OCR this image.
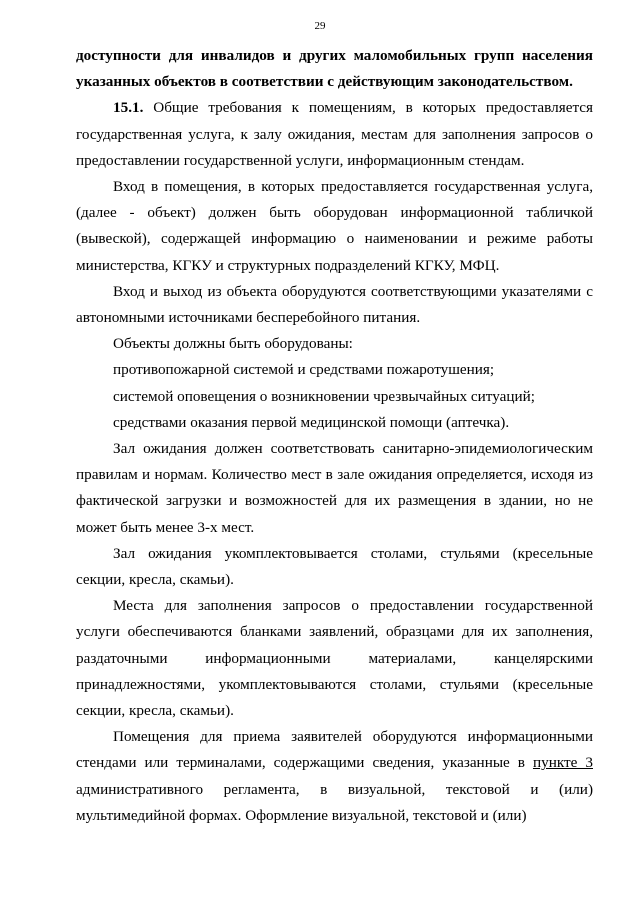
29

доступности для инвалидов и других маломобильных групп населения указанных объектов в соответствии с действующим законодательством.

15.1. Общие требования к помещениям, в которых предоставляется государственная услуга, к залу ожидания, местам для заполнения запросов о предоставлении государственной услуги, информационным стендам.

Вход в помещения, в которых предоставляется государственная услуга, (далее - объект) должен быть оборудован информационной табличкой (вывеской), содержащей информацию о наименовании и режиме работы министерства, КГКУ и структурных подразделений КГКУ, МФЦ.

Вход и выход из объекта оборудуются соответствующими указателями с автономными источниками бесперебойного питания.

Объекты должны быть оборудованы:

противопожарной системой и средствами пожаротушения;

системой оповещения о возникновении чрезвычайных ситуаций;

средствами оказания первой медицинской помощи (аптечка).

Зал ожидания должен соответствовать санитарно-эпидемиологическим правилам и нормам. Количество мест в зале ожидания определяется, исходя из фактической загрузки и возможностей для их размещения в здании, но не может быть менее 3-х мест.

Зал ожидания укомплектовывается столами, стульями (кресельные секции, кресла, скамьи).

Места для заполнения запросов о предоставлении государственной услуги обеспечиваются бланками заявлений, образцами для их заполнения, раздаточными информационными материалами, канцелярскими принадлежностями, укомплектовываются столами, стульями (кресельные секции, кресла, скамьи).

Помещения для приема заявителей оборудуются информационными стендами или терминалами, содержащими сведения, указанные в пункте 3 административного регламента, в визуальной, текстовой и (или) мультимедийной формах. Оформление визуальной, текстовой и (или)
